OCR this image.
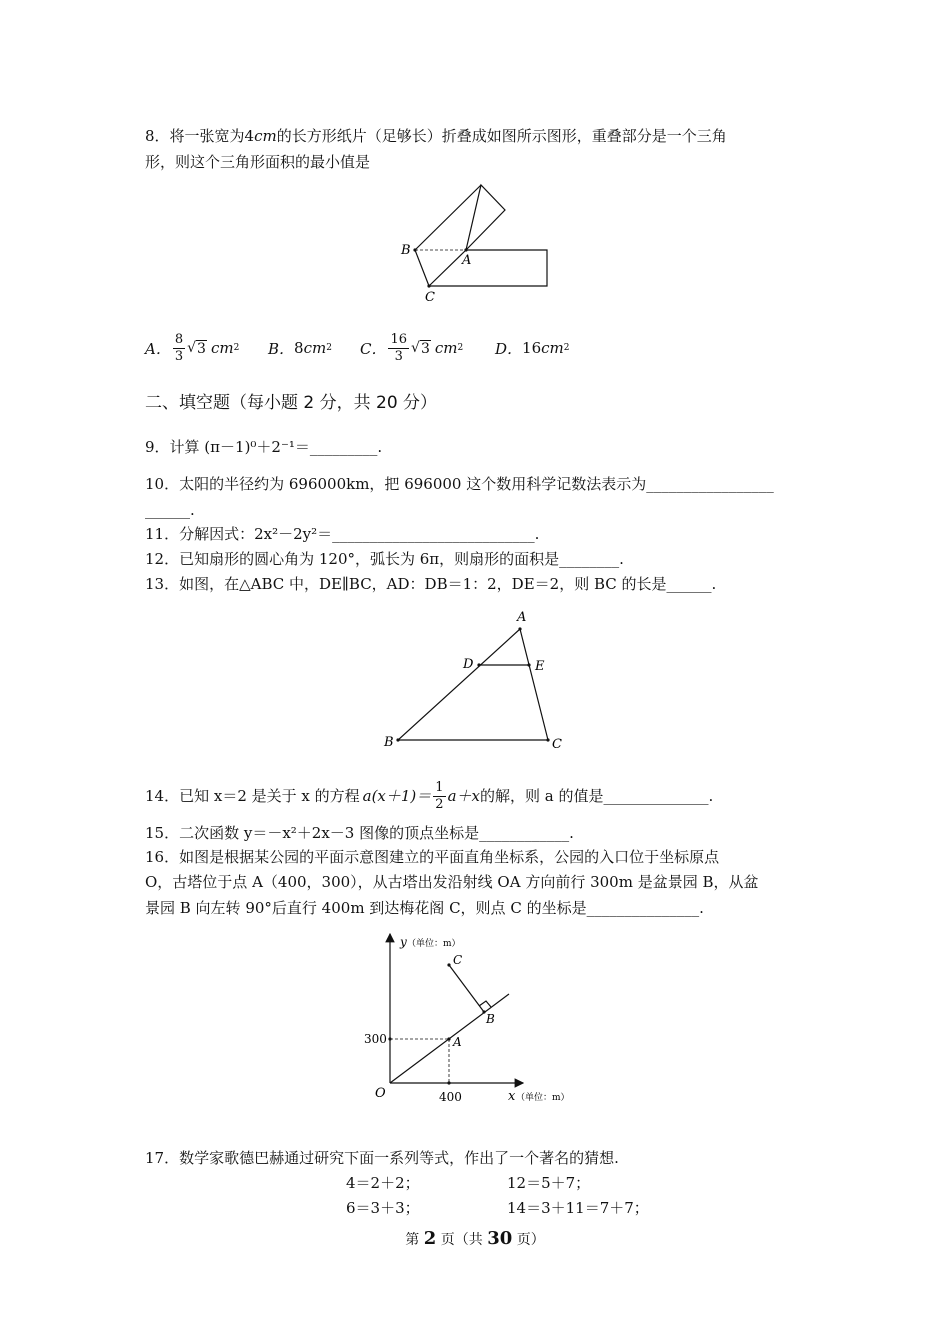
8．将一张宽为4cm的长方形纸片（足够长）折叠成如图所示图形，重叠部分是一个三角
形，则这个三角形面积的最小值是
B
A
C
A． $\frac{8}{3}$ √ 3 cm 2 B． 8 cm 2 C． $\frac{16}{3}$ √ 3 cm 2 D． 16 cm 2
二、填空题（每小题 2 分，共 20 分）
9．计算 (π－1)⁰＋2⁻¹＝_________.
10．太阳的半径约为 696000km，把 696000 这个数用科学记数法表示为_________________
______.
11．分解因式：2x²－2y²＝___________________________.
12．已知扇形的圆心角为 120°，弧长为 6π，则扇形的面积是________.
13．如图，在△ABC 中，DE∥BC，AD：DB＝1：2，DE＝2，则 BC 的长是______.
A
D	E
B	C
14．已知 x＝2 是关于 x 的方程 $a(x+1)= \frac{1}{2} a+x$ 的解，则 a 的值是______________.
15．二次函数 y＝－x²＋2x－3 图像的顶点坐标是____________.
16．如图是根据某公园的平面示意图建立的平面直角坐标系，公园的入口位于坐标原点
O，古塔位于点 A（400，300），从古塔出发沿射线 OA 方向前行 300m 是盆景园 B，从盆
景园 B 向左转 90°后直行 400m 到达梅花阁 C，则点 C 的坐标是_______________.
y （单位：m）
x （单位：m）
O
300
400
A
B
C
17．数学家歌德巴赫通过研究下面一系列等式，作出了一个著名的猜想.
4＝2＋2；	12＝5＋7；
6＝3＋3；	14＝3＋11＝7＋7；
第 2 页（共 30 页）
